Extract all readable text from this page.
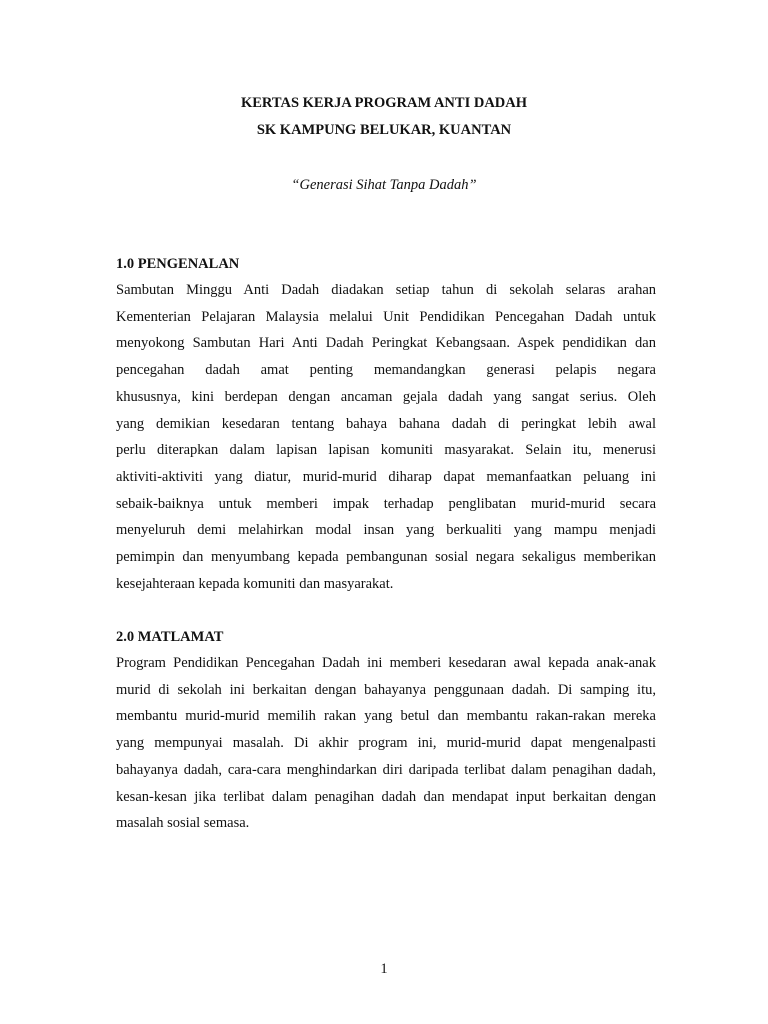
KERTAS KERJA PROGRAM ANTI DADAH
SK KAMPUNG BELUKAR, KUANTAN
“Generasi Sihat Tanpa Dadah”
1.0 PENGENALAN

Sambutan Minggu Anti Dadah diadakan setiap tahun di sekolah selaras arahan
Kementerian Pelajaran Malaysia melalui Unit Pendidikan Pencegahan Dadah untuk
menyokong Sambutan Hari Anti Dadah Peringkat Kebangsaan. Aspek pendidikan dan
pencegahan dadah amat penting memandangkan generasi pelapis negara
khususnya, kini berdepan dengan ancaman gejala dadah yang sangat serius. Oleh
yang demikian kesedaran tentang bahaya bahana dadah di peringkat lebih awal
perlu diterapkan dalam lapisan lapisan komuniti masyarakat. Selain itu, menerusi
aktiviti-aktiviti yang diatur, murid-murid diharap dapat memanfaatkan peluang ini
sebaik-baiknya untuk memberi impak terhadap penglibatan murid-murid secara
menyeluruh demi melahirkan modal insan yang berkualiti yang mampu menjadi
pemimpin dan menyumbang kepada pembangunan sosial negara sekaligus memberikan
kesejahteraan kepada komuniti dan masyarakat.

2.0 MATLAMAT

Program Pendidikan Pencegahan Dadah ini memberi kesedaran awal kepada anak-anak
murid di sekolah ini berkaitan dengan bahayanya penggunaan dadah. Di samping itu,
membantu murid-murid memilih rakan yang betul dan membantu rakan-rakan mereka
yang mempunyai masalah. Di akhir program ini, murid-murid dapat mengenalpasti
bahayanya dadah, cara-cara menghindarkan diri daripada terlibat dalam penagihan dadah,
kesan-kesan jika terlibat dalam penagihan dadah dan mendapat input berkaitan dengan
masalah sosial semasa.

1
